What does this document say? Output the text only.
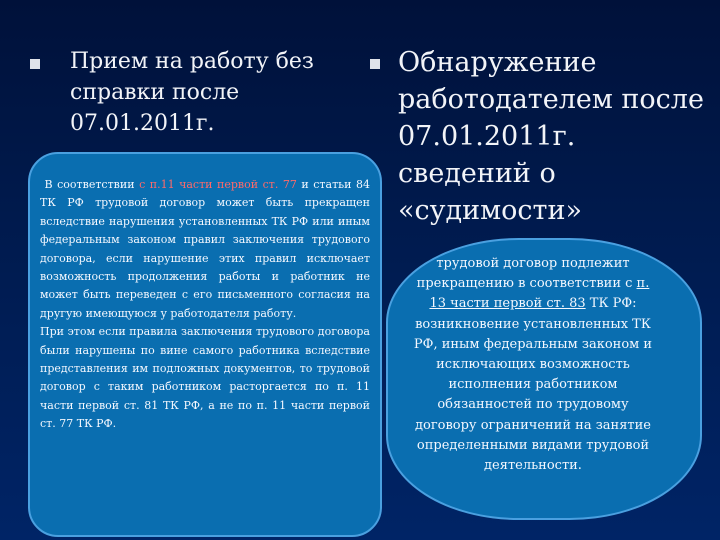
Прием на работу без справки после 07.01.2011г.
Обнаружение работодателем после 07.01.2011г. сведений о «судимости»

В соответствии с п.11 части первой ст. 77 и статьи 84 ТК РФ трудовой договор может быть прекращен вследствие нарушения установленных ТК РФ или иным федеральным законом правил заключения трудового договора, если нарушение этих правил исключает возможность продолжения работы и работник не может быть переведен с его письменного согласия на другую имеющуюся у работодателя работу.

При этом если правила заключения трудового договора были нарушены по вине самого работника вследствие представления им подложных документов, то трудовой договор с таким работником расторгается по п. 11 части первой ст. 81 ТК РФ, а не по п. 11 части первой ст. 77 ТК РФ.

трудовой договор подлежит прекращению в соответствии с п. 13 части первой ст. 83 ТК РФ: возникновение установленных ТК РФ, иным федеральным законом и исключающих возможность исполнения работником обязанностей по трудовому договору ограничений на занятие определенными видами трудовой деятельности.
